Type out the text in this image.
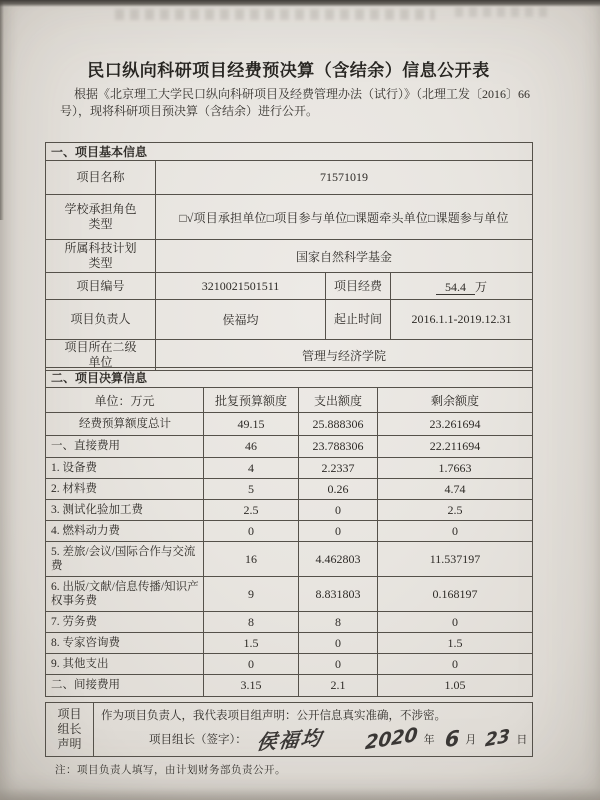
民口纵向科研项目经费预决算（含结余）信息公开表
根据《北京理工大学民口纵向科研项目及经费管理办法（试行）》（北理工发〔2016〕66 号），现将科研项目预决算（含结余）进行公开。
一、项目基本信息			
项目名称	71571019		
学校承担角色类型	□√项目承担单位□项目参与单位□课题牵头单位□课题参与单位		
所属科技计划类型	国家自然科学基金		
项目编号	3210021501511	项目经费	54.4 万
项目负责人	侯福均	起止时间	2016.1.1-2019.12.31
项目所在二级单位	管理与经济学院		
二、项目决算信息			
单位：万元	批复预算额度	支出额度	剩余额度
经费预算额度总计	49.15	25.888306	23.261694
一、直接费用	46	23.788306	22.211694
1. 设备费	4	2.2337	1.7663
2. 材料费	5	0.26	4.74
3. 测试化验加工费	2.5	0	2.5
4. 燃料动力费	0	0	0
5. 差旅/会议/国际合作与交流费	16	4.462803	11.537197
6. 出版/文献/信息传播/知识产权事务费	9	8.831803	0.168197
7. 劳务费	8	8	0
8. 专家咨询费	1.5	0	1.5
9. 其他支出	0	0	0
二、间接费用	3.15	2.1	1.05
项目组长声明	
作为项目负责人，我代表项目组声明：公开信息真实准确，不涉密。
项目组长（签字）： 侯福均 2020 年 6 月 23 日
注：项目负责人填写，由计划财务部负责公开。
